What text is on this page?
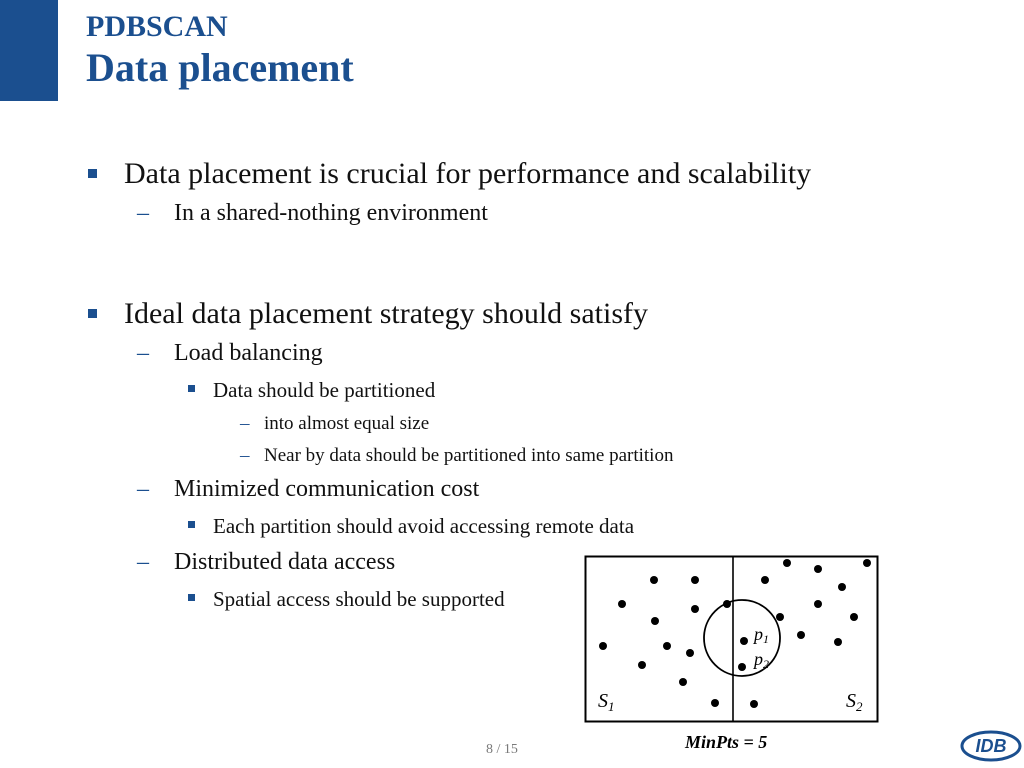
PDBSCAN
Data placement
Data placement is crucial for performance and scalability
– In a shared-nothing environment
Ideal data placement strategy should satisfy
– Load balancing
Data should be partitioned
– into almost equal size
– Near by data should be partitioned into same partition
– Minimized communication cost
Each partition should avoid accessing remote data
– Distributed data access
Spatial access should be supported
p1
p2
$S_1$	$S_2$
MinPts = 5
8 / 15	IDB
